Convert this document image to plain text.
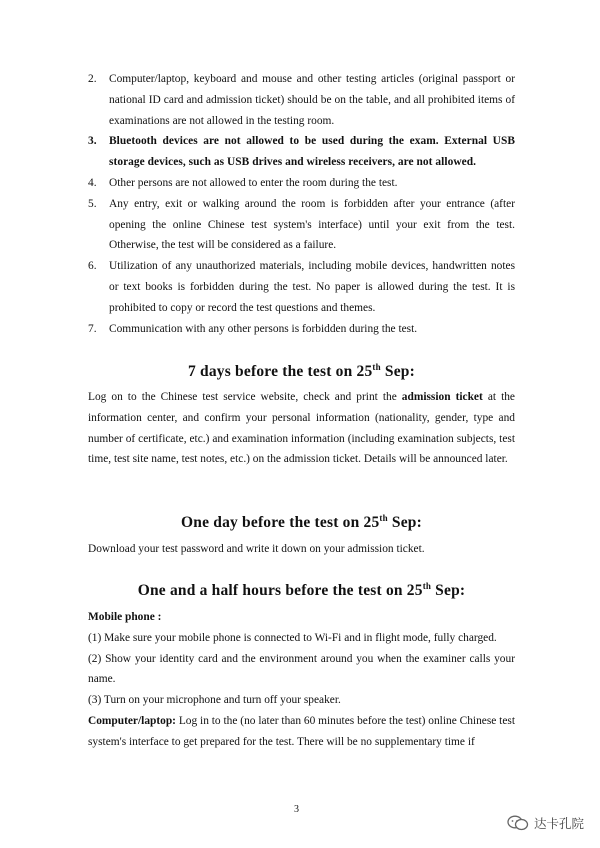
2. Computer/laptop, keyboard and mouse and other testing articles (original passport or national ID card and admission ticket) should be on the table, and all prohibited items of examinations are not allowed in the testing room.
3. Bluetooth devices are not allowed to be used during the exam. External USB storage devices, such as USB drives and wireless receivers, are not allowed.
4. Other persons are not allowed to enter the room during the test.
5. Any entry, exit or walking around the room is forbidden after your entrance (after opening the online Chinese test system's interface) until your exit from the test. Otherwise, the test will be considered as a failure.
6. Utilization of any unauthorized materials, including mobile devices, handwritten notes or text books is forbidden during the test. No paper is allowed during the test. It is prohibited to copy or record the test questions and themes.
7. Communication with any other persons is forbidden during the test.
7 days before the test on 25th Sep:

Log on to the Chinese test service website, check and print the admission ticket at the information center, and confirm your personal information (nationality, gender, type and number of certificate, etc.) and examination information (including examination subjects, test time, test site name, test notes, etc.) on the admission ticket. Details will be announced later.

One day before the test on 25th Sep:

Download your test password and write it down on your admission ticket.

One and a half hours before the test on 25th Sep:
Mobile phone :
(1) Make sure your mobile phone is connected to Wi-Fi and in flight mode, fully charged.
(2) Show your identity card and the environment around you when the examiner calls your name.
(3) Turn on your microphone and turn off your speaker.
Computer/laptop: Log in to the (no later than 60 minutes before the test) online Chinese test system's interface to get prepared for the test. There will be no supplementary time if
3
达卡孔院
